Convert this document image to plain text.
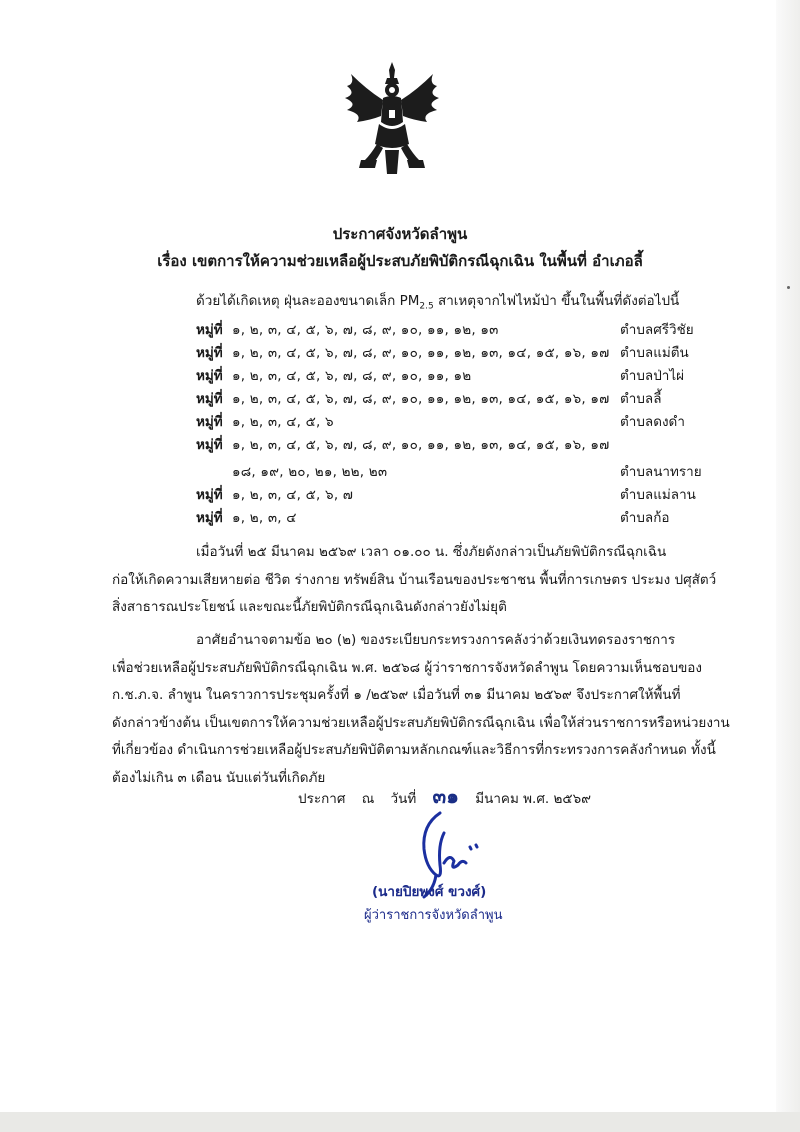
ประกาศจังหวัดลำพูน
เรื่อง เขตการให้ความช่วยเหลือผู้ประสบภัยพิบัติกรณีฉุกเฉิน ในพื้นที่ อำเภอลี้
ด้วยได้เกิดเหตุ ฝุ่นละอองขนาดเล็ก $PM_{2.5}$ สาเหตุจากไฟไหม้ป่า ขึ้นในพื้นที่ดังต่อไปนี้
หมู่ที่ ๑, ๒, ๓, ๔, ๕, ๖, ๗, ๘, ๙, ๑๐, ๑๑, ๑๒, ๑๓	ตำบลศรีวิชัย
หมู่ที่ ๑, ๒, ๓, ๔, ๕, ๖, ๗, ๘, ๙, ๑๐, ๑๑, ๑๒, ๑๓, ๑๔, ๑๕, ๑๖, ๑๗ ตำบลแม่ตืน
หมู่ที่ ๑, ๒, ๓, ๔, ๕, ๖, ๗, ๘, ๙, ๑๐, ๑๑, ๑๒	ตำบลป่าไผ่
หมู่ที่ ๑, ๒, ๓, ๔, ๕, ๖, ๗, ๘, ๙, ๑๐, ๑๑, ๑๒, ๑๓, ๑๔, ๑๕, ๑๖, ๑๗ ตำบลลี้
หมู่ที่ ๑, ๒, ๓, ๔, ๕, ๖	ตำบลดงดำ
หมู่ที่ ๑, ๒, ๓, ๔, ๕, ๖, ๗, ๘, ๙, ๑๐, ๑๑, ๑๒, ๑๓, ๑๔, ๑๕, ๑๖, ๑๗
๑๘, ๑๙, ๒๐, ๒๑, ๒๒, ๒๓	ตำบลนาทราย
หมู่ที่ ๑, ๒, ๓, ๔, ๕, ๖, ๗	ตำบลแม่ลาน
หมู่ที่ ๑, ๒, ๓, ๔	ตำบลก้อ
เมื่อวันที่ ๒๕ มีนาคม ๒๕๖๙ เวลา ๐๑.๐๐ น. ซึ่งภัยดังกล่าวเป็นภัยพิบัติกรณีฉุกเฉิน
ก่อให้เกิดความเสียหายต่อ ชีวิต ร่างกาย ทรัพย์สิน บ้านเรือนของประชาชน พื้นที่การเกษตร ประมง ปศุสัตว์
สิ่งสาธารณประโยชน์ และขณะนี้ภัยพิบัติกรณีฉุกเฉินดังกล่าวยังไม่ยุติ
อาศัยอำนาจตามข้อ ๒๐ (๒) ของระเบียบกระทรวงการคลังว่าด้วยเงินทดรองราชการ
เพื่อช่วยเหลือผู้ประสบภัยพิบัติกรณีฉุกเฉิน พ.ศ. ๒๕๖๘ ผู้ว่าราชการจังหวัดลำพูน โดยความเห็นชอบของ
ก.ช.ภ.จ. ลำพูน ในคราวการประชุมครั้งที่ ๑ /๒๕๖๙ เมื่อวันที่ ๓๑ มีนาคม ๒๕๖๙ จึงประกาศให้พื้นที่
ดังกล่าวข้างต้น เป็นเขตการให้ความช่วยเหลือผู้ประสบภัยพิบัติกรณีฉุกเฉิน เพื่อให้ส่วนราชการหรือหน่วยงาน
ที่เกี่ยวข้อง ดำเนินการช่วยเหลือผู้ประสบภัยพิบัติตามหลักเกณฑ์และวิธีการที่กระทรวงการคลังกำหนด ทั้งนี้
ต้องไม่เกิน ๓ เดือน นับแต่วันที่เกิดภัย
ประกาศ ณ วันที่ ๓๑ มีนาคม พ.ศ. ๒๕๖๙
(นายปิยพงศ์ ขวงศ์)
ผู้ว่าราชการจังหวัดลำพูน
